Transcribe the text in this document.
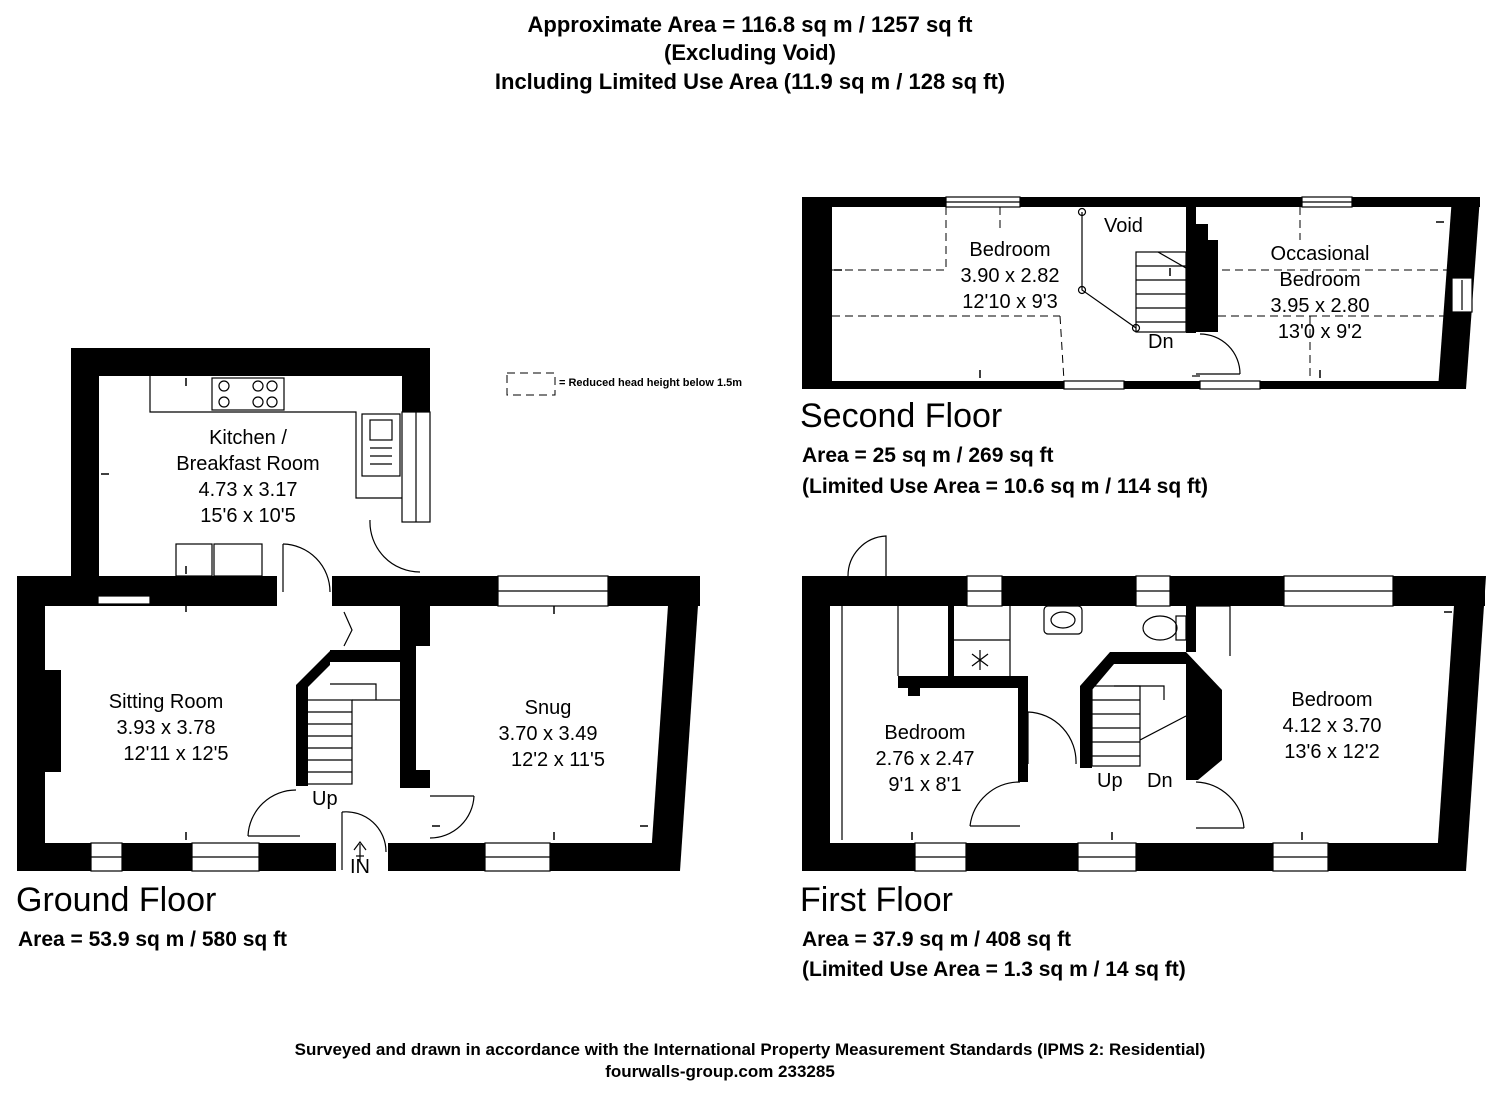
Approximate Area = 116.8 sq m / 1257 sq ft
(Excluding Void)
Including Limited Use Area (11.9 sq m / 128 sq ft)
= Reduced head height below 1.5m
Kitchen /
Breakfast Room
4.73 x 3.17
15'6 x 10'5
Sitting Room
3.93 x 3.78
12'11 x 12'5
Snug
3.70 x 3.49
12'2 x 11'5
Up
IN
Bedroom
2.76 x 2.47
9'1 x 8'1
Bedroom
4.12 x 3.70
13'6 x 12'2
Up Dn
Bedroom
3.90 x 2.82
12'10 x 9'3
Occasional
Bedroom
3.95 x 2.80
13'0 x 9'2
Void
Dn
Ground Floor
Area = 53.9 sq m / 580 sq ft
First Floor
Area = 37.9 sq m / 408 sq ft
(Limited Use Area = 1.3 sq m / 14 sq ft)
Second Floor
Area = 25 sq m / 269 sq ft
(Limited Use Area = 10.6 sq m / 114 sq ft)
Surveyed and drawn in accordance with the International Property Measurement Standards (IPMS 2: Residential)
fourwalls-group.com 233285
